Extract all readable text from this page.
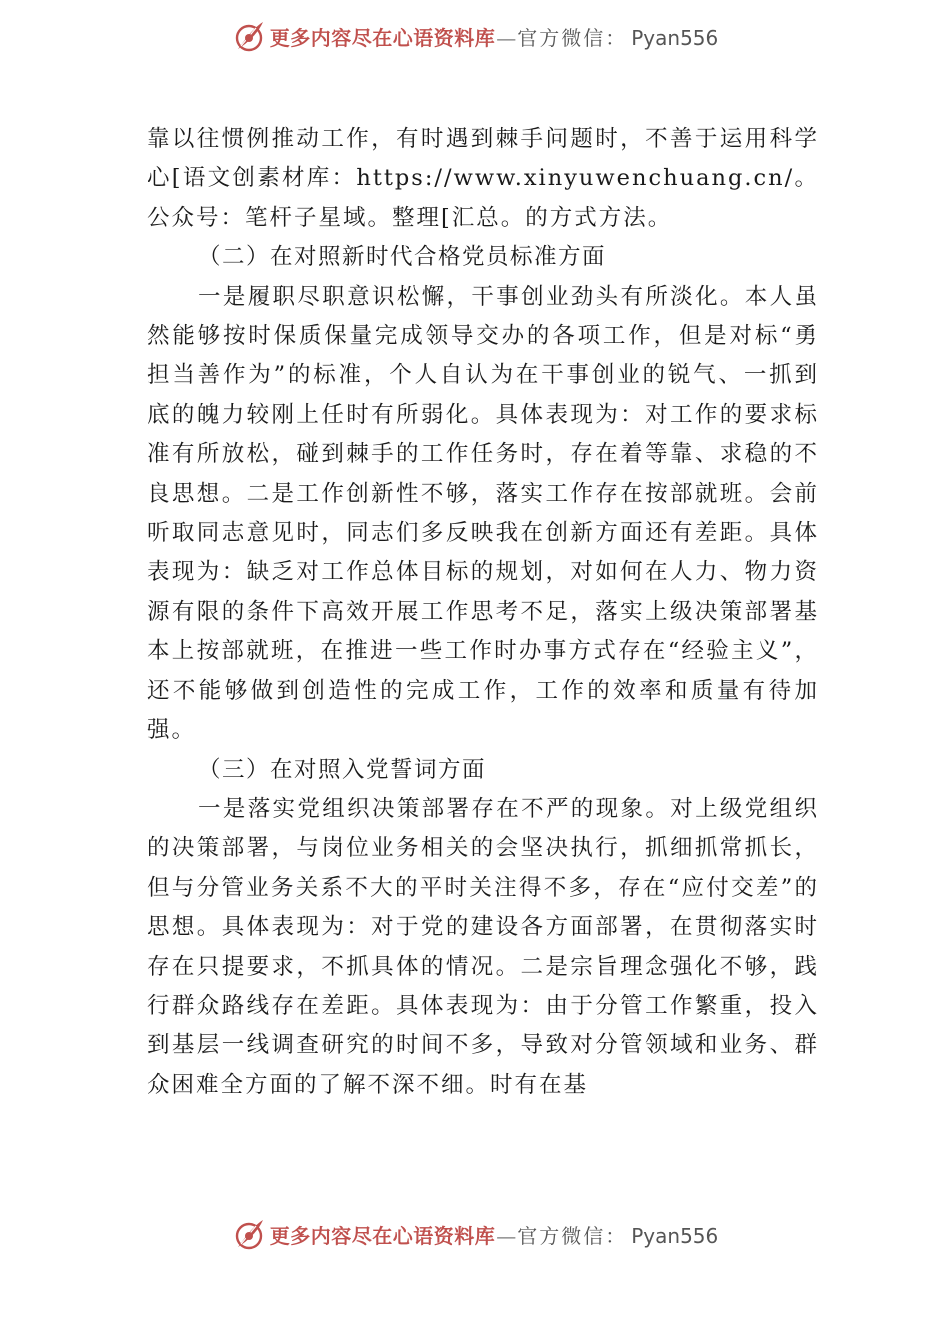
更多内容尽在心语资料库 — 官方微信： Pyan556

靠以往惯例推动工作，有时遇到棘手问题时，不善于运用科学心[语文创素材库：https://www.xinyuwenchuang.cn/。公众号：笔杆子星域。整理[汇总。的方式方法。

（二）在对照新时代合格党员标准方面

一是履职尽职意识松懈，干事创业劲头有所淡化。本人虽然能够按时保质保量完成领导交办的各项工作，但是对标“勇担当善作为”的标准，个人自认为在干事创业的锐气、一抓到底的魄力较刚上任时有所弱化。具体表现为：对工作的要求标准有所放松，碰到棘手的工作任务时，存在着等靠、求稳的不良思想。二是工作创新性不够，落实工作存在按部就班。会前听取同志意见时，同志们多反映我在创新方面还有差距。具体表现为：缺乏对工作总体目标的规划，对如何在人力、物力资源有限的条件下高效开展工作思考不足，落实上级决策部署基本上按部就班，在推进一些工作时办事方式存在“经验主义”，还不能够做到创造性的完成工作，工作的效率和质量有待加强。

（三）在对照入党誓词方面

一是落实党组织决策部署存在不严的现象。对上级党组织的决策部署，与岗位业务相关的会坚决执行，抓细抓常抓长，但与分管业务关系不大的平时关注得不多，存在“应付交差”的思想。具体表现为：对于党的建设各方面部署，在贯彻落实时存在只提要求，不抓具体的情况。二是宗旨理念强化不够，践行群众路线存在差距。具体表现为：由于分管工作繁重，投入到基层一线调查研究的时间不多，导致对分管领域和业务、群众困难全方面的了解不深不细。时有在基

更多内容尽在心语资料库 — 官方微信： Pyan556
